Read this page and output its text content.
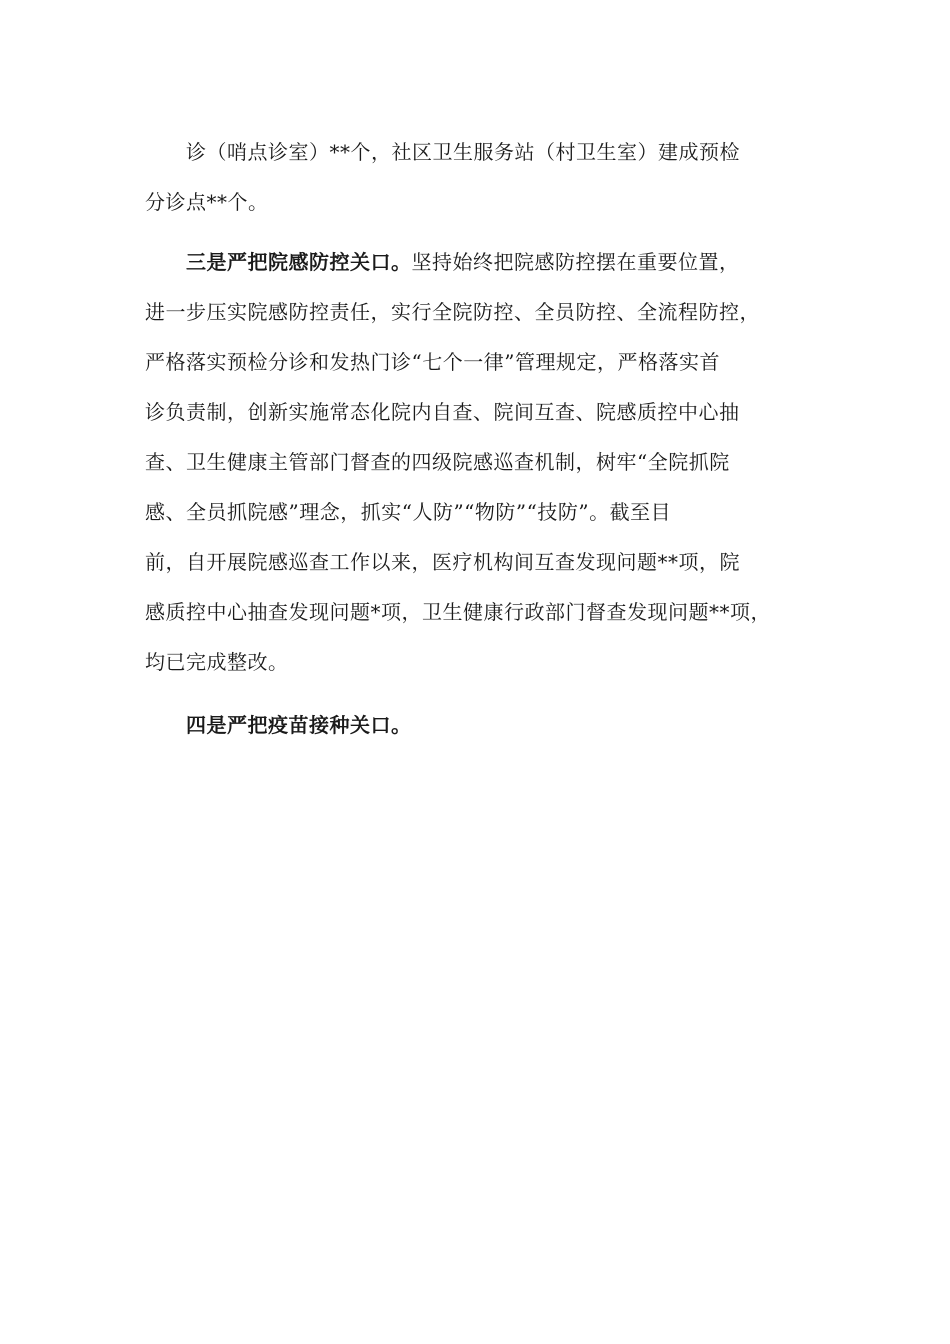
诊（哨点诊室）**个，社区卫生服务站（村卫生室）建成预检
分诊点**个。
三是严把院感防控关口。坚持始终把院感防控摆在重要位置，
进一步压实院感防控责任，实行全院防控、全员防控、全流程防控，
严格落实预检分诊和发热门诊“七个一律”管理规定，严格落实首
诊负责制，创新实施常态化院内自查、院间互查、院感质控中心抽
查、卫生健康主管部门督查的四级院感巡查机制，树牢“全院抓院
感、全员抓院感”理念，抓实“人防”“物防”“技防”。截至目
前，自开展院感巡查工作以来，医疗机构间互查发现问题**项，院
感质控中心抽查发现问题*项，卫生健康行政部门督查发现问题**项，
均已完成整改。
四是严把疫苗接种关口。
